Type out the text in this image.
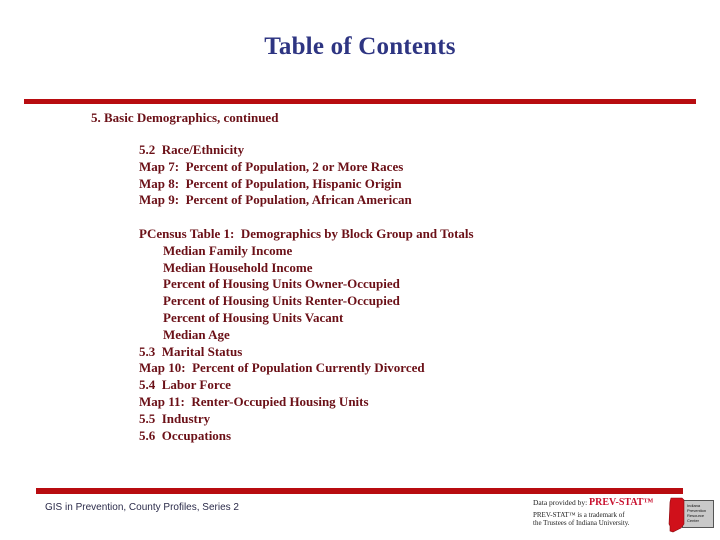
Table of Contents
5. Basic Demographics, continued
5.2  Race/Ethnicity
Map 7:  Percent of Population, 2 or More Races
Map 8:  Percent of Population, Hispanic Origin
Map 9:  Percent of Population, African American
PCensus Table 1:  Demographics by Block Group and Totals
Median Family Income
Median Household Income
Percent of Housing Units Owner-Occupied
Percent of Housing Units Renter-Occupied
Percent of Housing Units Vacant
Median Age
5.3  Marital Status
Map 10:  Percent of Population Currently Divorced
5.4  Labor Force
Map 11:  Renter-Occupied Housing Units
5.5  Industry
5.6  Occupations
GIS in Prevention, County Profiles, Series 2	Data provided by: PREV-STAT™
PREV-STAT™ is a trademark of
the Trustees of Indiana University.
Indiana
Prevention
Resource
Center
